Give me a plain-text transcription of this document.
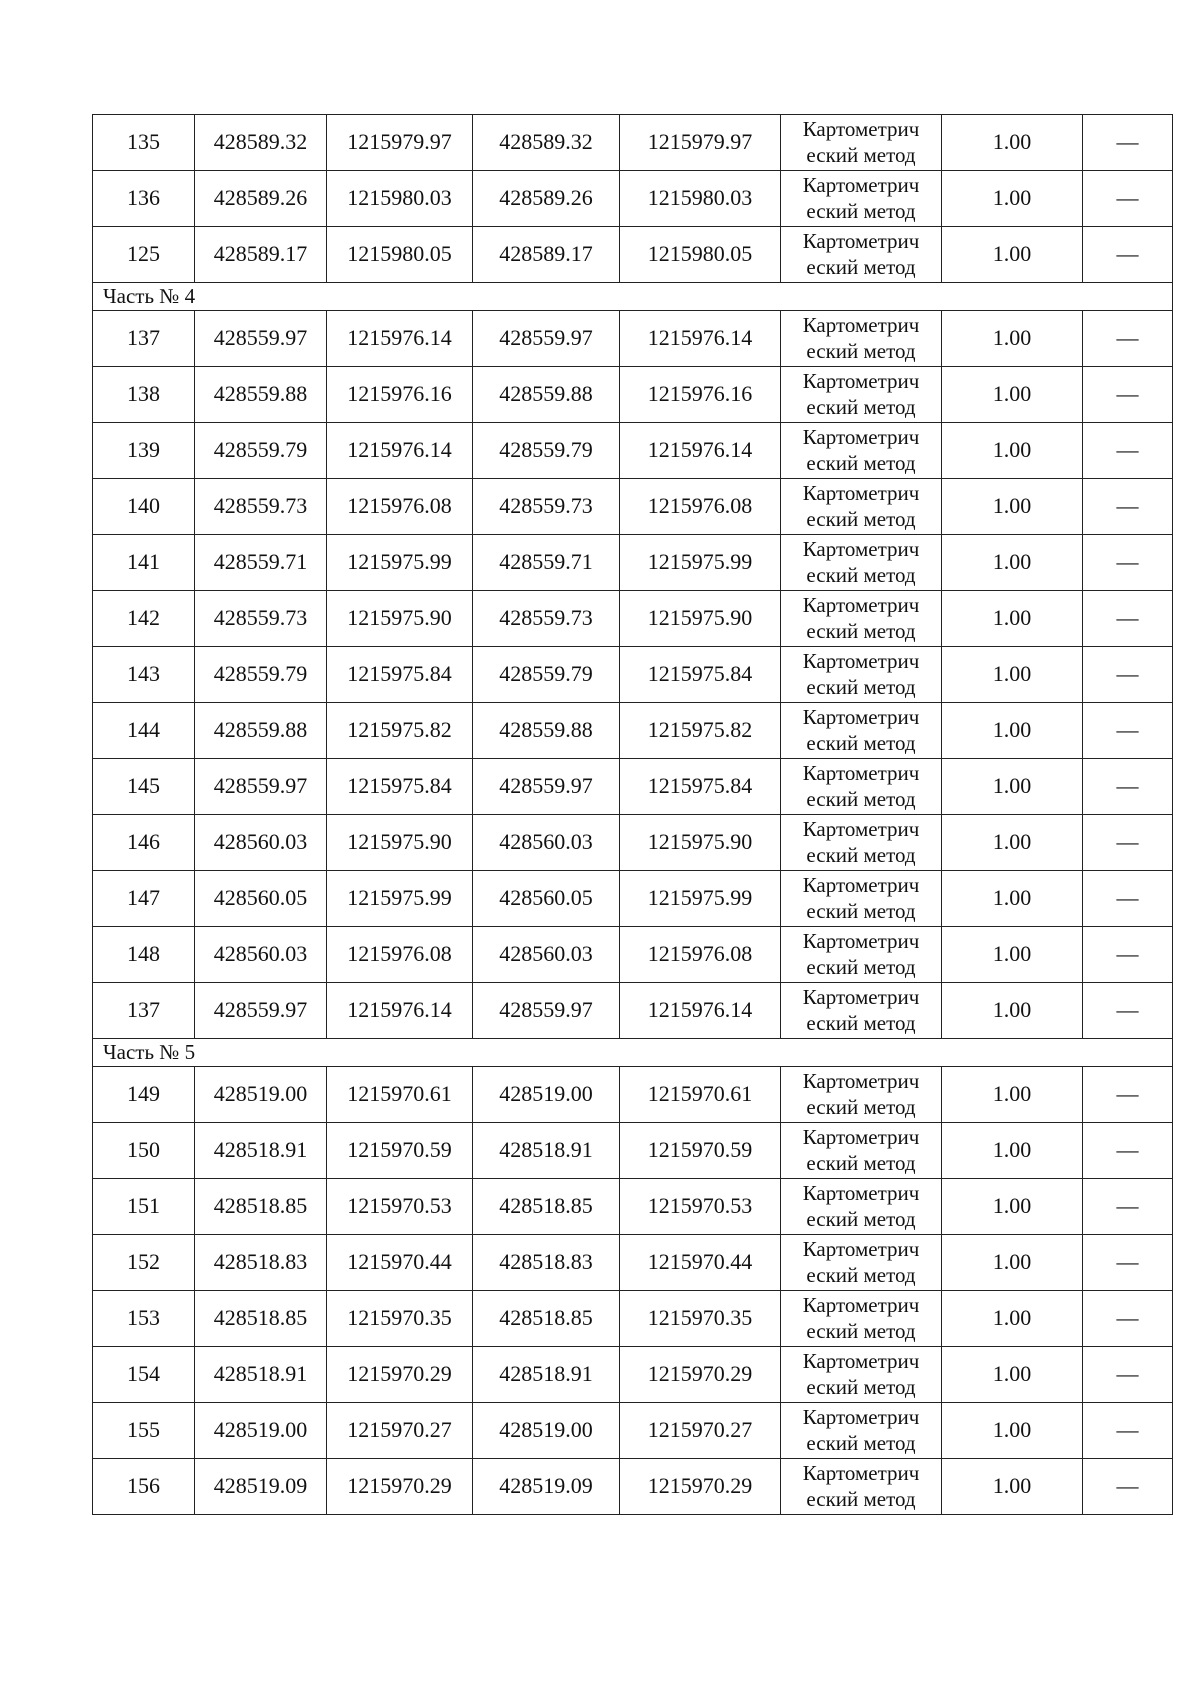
135	428589.32	1215979.97	428589.32	1215979.97	Картометрич
еский метод	1.00	—
136	428589.26	1215980.03	428589.26	1215980.03	Картометрич
еский метод	1.00	—
125	428589.17	1215980.05	428589.17	1215980.05	Картометрич
еский метод	1.00	—
Часть № 4							
137	428559.97	1215976.14	428559.97	1215976.14	Картометрич
еский метод	1.00	—
138	428559.88	1215976.16	428559.88	1215976.16	Картометрич
еский метод	1.00	—
139	428559.79	1215976.14	428559.79	1215976.14	Картометрич
еский метод	1.00	—
140	428559.73	1215976.08	428559.73	1215976.08	Картометрич
еский метод	1.00	—
141	428559.71	1215975.99	428559.71	1215975.99	Картометрич
еский метод	1.00	—
142	428559.73	1215975.90	428559.73	1215975.90	Картометрич
еский метод	1.00	—
143	428559.79	1215975.84	428559.79	1215975.84	Картометрич
еский метод	1.00	—
144	428559.88	1215975.82	428559.88	1215975.82	Картометрич
еский метод	1.00	—
145	428559.97	1215975.84	428559.97	1215975.84	Картометрич
еский метод	1.00	—
146	428560.03	1215975.90	428560.03	1215975.90	Картометрич
еский метод	1.00	—
147	428560.05	1215975.99	428560.05	1215975.99	Картометрич
еский метод	1.00	—
148	428560.03	1215976.08	428560.03	1215976.08	Картометрич
еский метод	1.00	—
137	428559.97	1215976.14	428559.97	1215976.14	Картометрич
еский метод	1.00	—
Часть № 5							
149	428519.00	1215970.61	428519.00	1215970.61	Картометрич
еский метод	1.00	—
150	428518.91	1215970.59	428518.91	1215970.59	Картометрич
еский метод	1.00	—
151	428518.85	1215970.53	428518.85	1215970.53	Картометрич
еский метод	1.00	—
152	428518.83	1215970.44	428518.83	1215970.44	Картометрич
еский метод	1.00	—
153	428518.85	1215970.35	428518.85	1215970.35	Картометрич
еский метод	1.00	—
154	428518.91	1215970.29	428518.91	1215970.29	Картометрич
еский метод	1.00	—
155	428519.00	1215970.27	428519.00	1215970.27	Картометрич
еский метод	1.00	—
156	428519.09	1215970.29	428519.09	1215970.29	Картометрич
еский метод	1.00	—
